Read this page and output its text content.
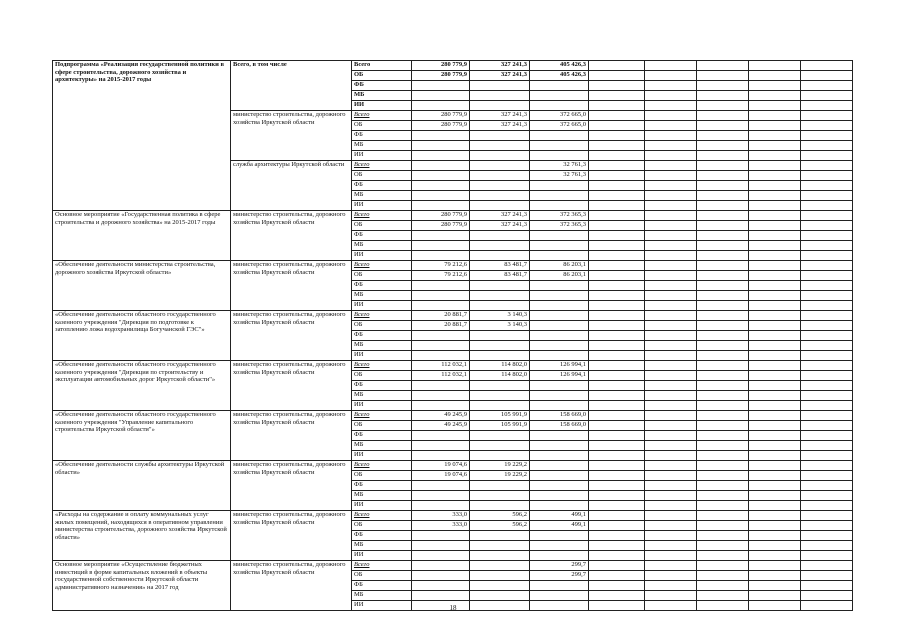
Подпрограмма «Реализация государственной политики в сфере строительства, дорожного хозяйства и архитектуры» на 2015-2017 годы	Всего, в том числе	Всего	280 779,9	327 241,3	405 426,3					
		ОБ	280 779,9	327 241,3	405 426,3					
		ФБ								
		МБ								
		ИИ								
	министерство строительства, дорожного хозяйства Иркутской области	Всего	280 779,9	327 241,3	372 665,0					
		ОБ	280 779,9	327 241,3	372 665,0					
		ФБ								
		МБ								
		ИИ								
	служба архитектуры Иркутской области	Всего			32 761,3					
		ОБ			32 761,3					
		ФБ								
		МБ								
		ИИ								
Основное мероприятие «Государственная политика в сфере строительства и дорожного хозяйства» на 2015-2017 годы	министерство строительства, дорожного хозяйства Иркутской области	Всего	280 779,9	327 241,3	372 365,3					
		ОБ	280 779,9	327 241,3	372 365,3					
		ФБ								
		МБ								
		ИИ								
«Обеспечение деятельности министерства строительства, дорожного хозяйства Иркутской области»	министерство строительства, дорожного хозяйства Иркутской области	Всего	79 212,6	83 481,7	86 203,1					
		ОБ	79 212,6	83 481,7	86 203,1					
		ФБ								
		МБ								
		ИИ								
«Обеспечение деятельности областного государственного казенного учреждения "Дирекция по подготовке к затоплению ложа водохранилища Богучанской ГЭС"»	министерство строительства, дорожного хозяйства Иркутской области	Всего	20 881,7	3 140,3						
		ОБ	20 881,7	3 140,3						
		ФБ								
		МБ								
		ИИ								
«Обеспечение деятельности областного государственного казенного учреждения "Дирекция по строительству и эксплуатации автомобильных дорог Иркутской области"»	министерство строительства, дорожного хозяйства Иркутской области	Всего	112 032,1	114 802,0	126 994,1					
		ОБ	112 032,1	114 802,0	126 994,1					
		ФБ								
		МБ								
		ИИ								
«Обеспечение деятельности областного государственного казенного учреждения "Управление капитального строительства Иркутской области"»	министерство строительства, дорожного хозяйства Иркутской области	Всего	49 245,9	105 991,9	158 669,0					
		ОБ	49 245,9	105 991,9	158 669,0					
		ФБ								
		МБ								
		ИИ								
«Обеспечение деятельности службы архитектуры Иркутской области»	министерство строительства, дорожного хозяйства Иркутской области	Всего	19 074,6	19 229,2						
		ОБ	19 074,6	19 229,2						
		ФБ								
		МБ								
		ИИ								
«Расходы на содержание и оплату коммунальных услуг жилых помещений, находящихся в оперативном управлении министерства строительства, дорожного хозяйства Иркутской области»	министерство строительства, дорожного хозяйства Иркутской области	Всего	333,0	596,2	499,1					
		ОБ	333,0	596,2	499,1					
		ФБ								
		МБ								
		ИИ								
Основное мероприятие «Осуществление бюджетных инвестиций в форме капитальных вложений в объекты государственной собственности Иркутской области административного назначения» на 2017 год	министерство строительства, дорожного хозяйства Иркутской области	Всего			299,7					
		ОБ			299,7					
		ФБ								
		МБ								
		ИИ									18
